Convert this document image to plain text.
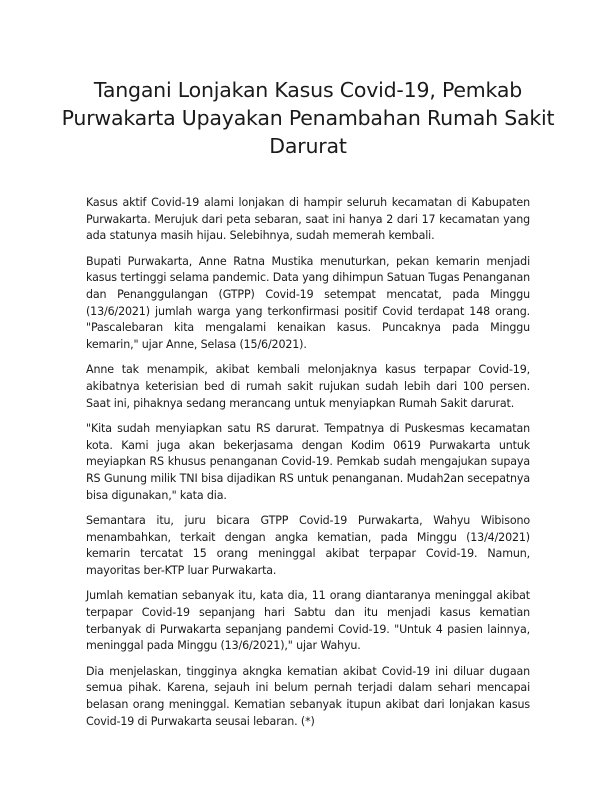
Tangani Lonjakan Kasus Covid-19, Pemkab Purwakarta Upayakan Penambahan Rumah Sakit Darurat

Kasus aktif Covid-19 alami lonjakan di hampir seluruh kecamatan di Kabupaten Purwakarta. Merujuk dari peta sebaran, saat ini hanya 2 dari 17 kecamatan yang ada statunya masih hijau. Selebihnya, sudah memerah kembali.

Bupati Purwakarta, Anne Ratna Mustika menuturkan, pekan kemarin menjadi kasus tertinggi selama pandemic. Data yang dihimpun Satuan Tugas Penanganan dan Penanggulangan (GTPP) Covid-19 setempat mencatat, pada Minggu (13/6/2021) jumlah warga yang terkonfirmasi positif Covid terdapat 148 orang. "Pascalebaran kita mengalami kenaikan kasus. Puncaknya pada Minggu kemarin," ujar Anne, Selasa (15/6/2021).

Anne tak menampik, akibat kembali melonjaknya kasus terpapar Covid-19, akibatnya keterisian bed di rumah sakit rujukan sudah lebih dari 100 persen. Saat ini, pihaknya sedang merancang untuk menyiapkan Rumah Sakit darurat.

"Kita sudah menyiapkan satu RS darurat. Tempatnya di Puskesmas kecamatan kota. Kami juga akan bekerjasama dengan Kodim 0619 Purwakarta untuk meyiapkan RS khusus penanganan Covid-19. Pemkab sudah mengajukan supaya RS Gunung milik TNI bisa dijadikan RS untuk penanganan. Mudah2an secepatnya bisa digunakan," kata dia.

Semantara itu, juru bicara GTPP Covid-19 Purwakarta, Wahyu Wibisono menambahkan, terkait dengan angka kematian, pada Minggu (13/4/2021) kemarin tercatat 15 orang meninggal akibat terpapar Covid-19. Namun, mayoritas ber-KTP luar Purwakarta.

Jumlah kematian sebanyak itu, kata dia, 11 orang diantaranya meninggal akibat terpapar Covid-19 sepanjang hari Sabtu dan itu menjadi kasus kematian terbanyak di Purwakarta sepanjang pandemi Covid-19. "Untuk 4 pasien lainnya, meninggal pada Minggu (13/6/2021)," ujar Wahyu.

Dia menjelaskan, tingginya akngka kematian akibat Covid-19 ini diluar dugaan semua pihak. Karena, sejauh ini belum pernah terjadi dalam sehari mencapai belasan orang meninggal. Kematian sebanyak itupun akibat dari lonjakan kasus Covid-19 di Purwakarta seusai lebaran. (*)
